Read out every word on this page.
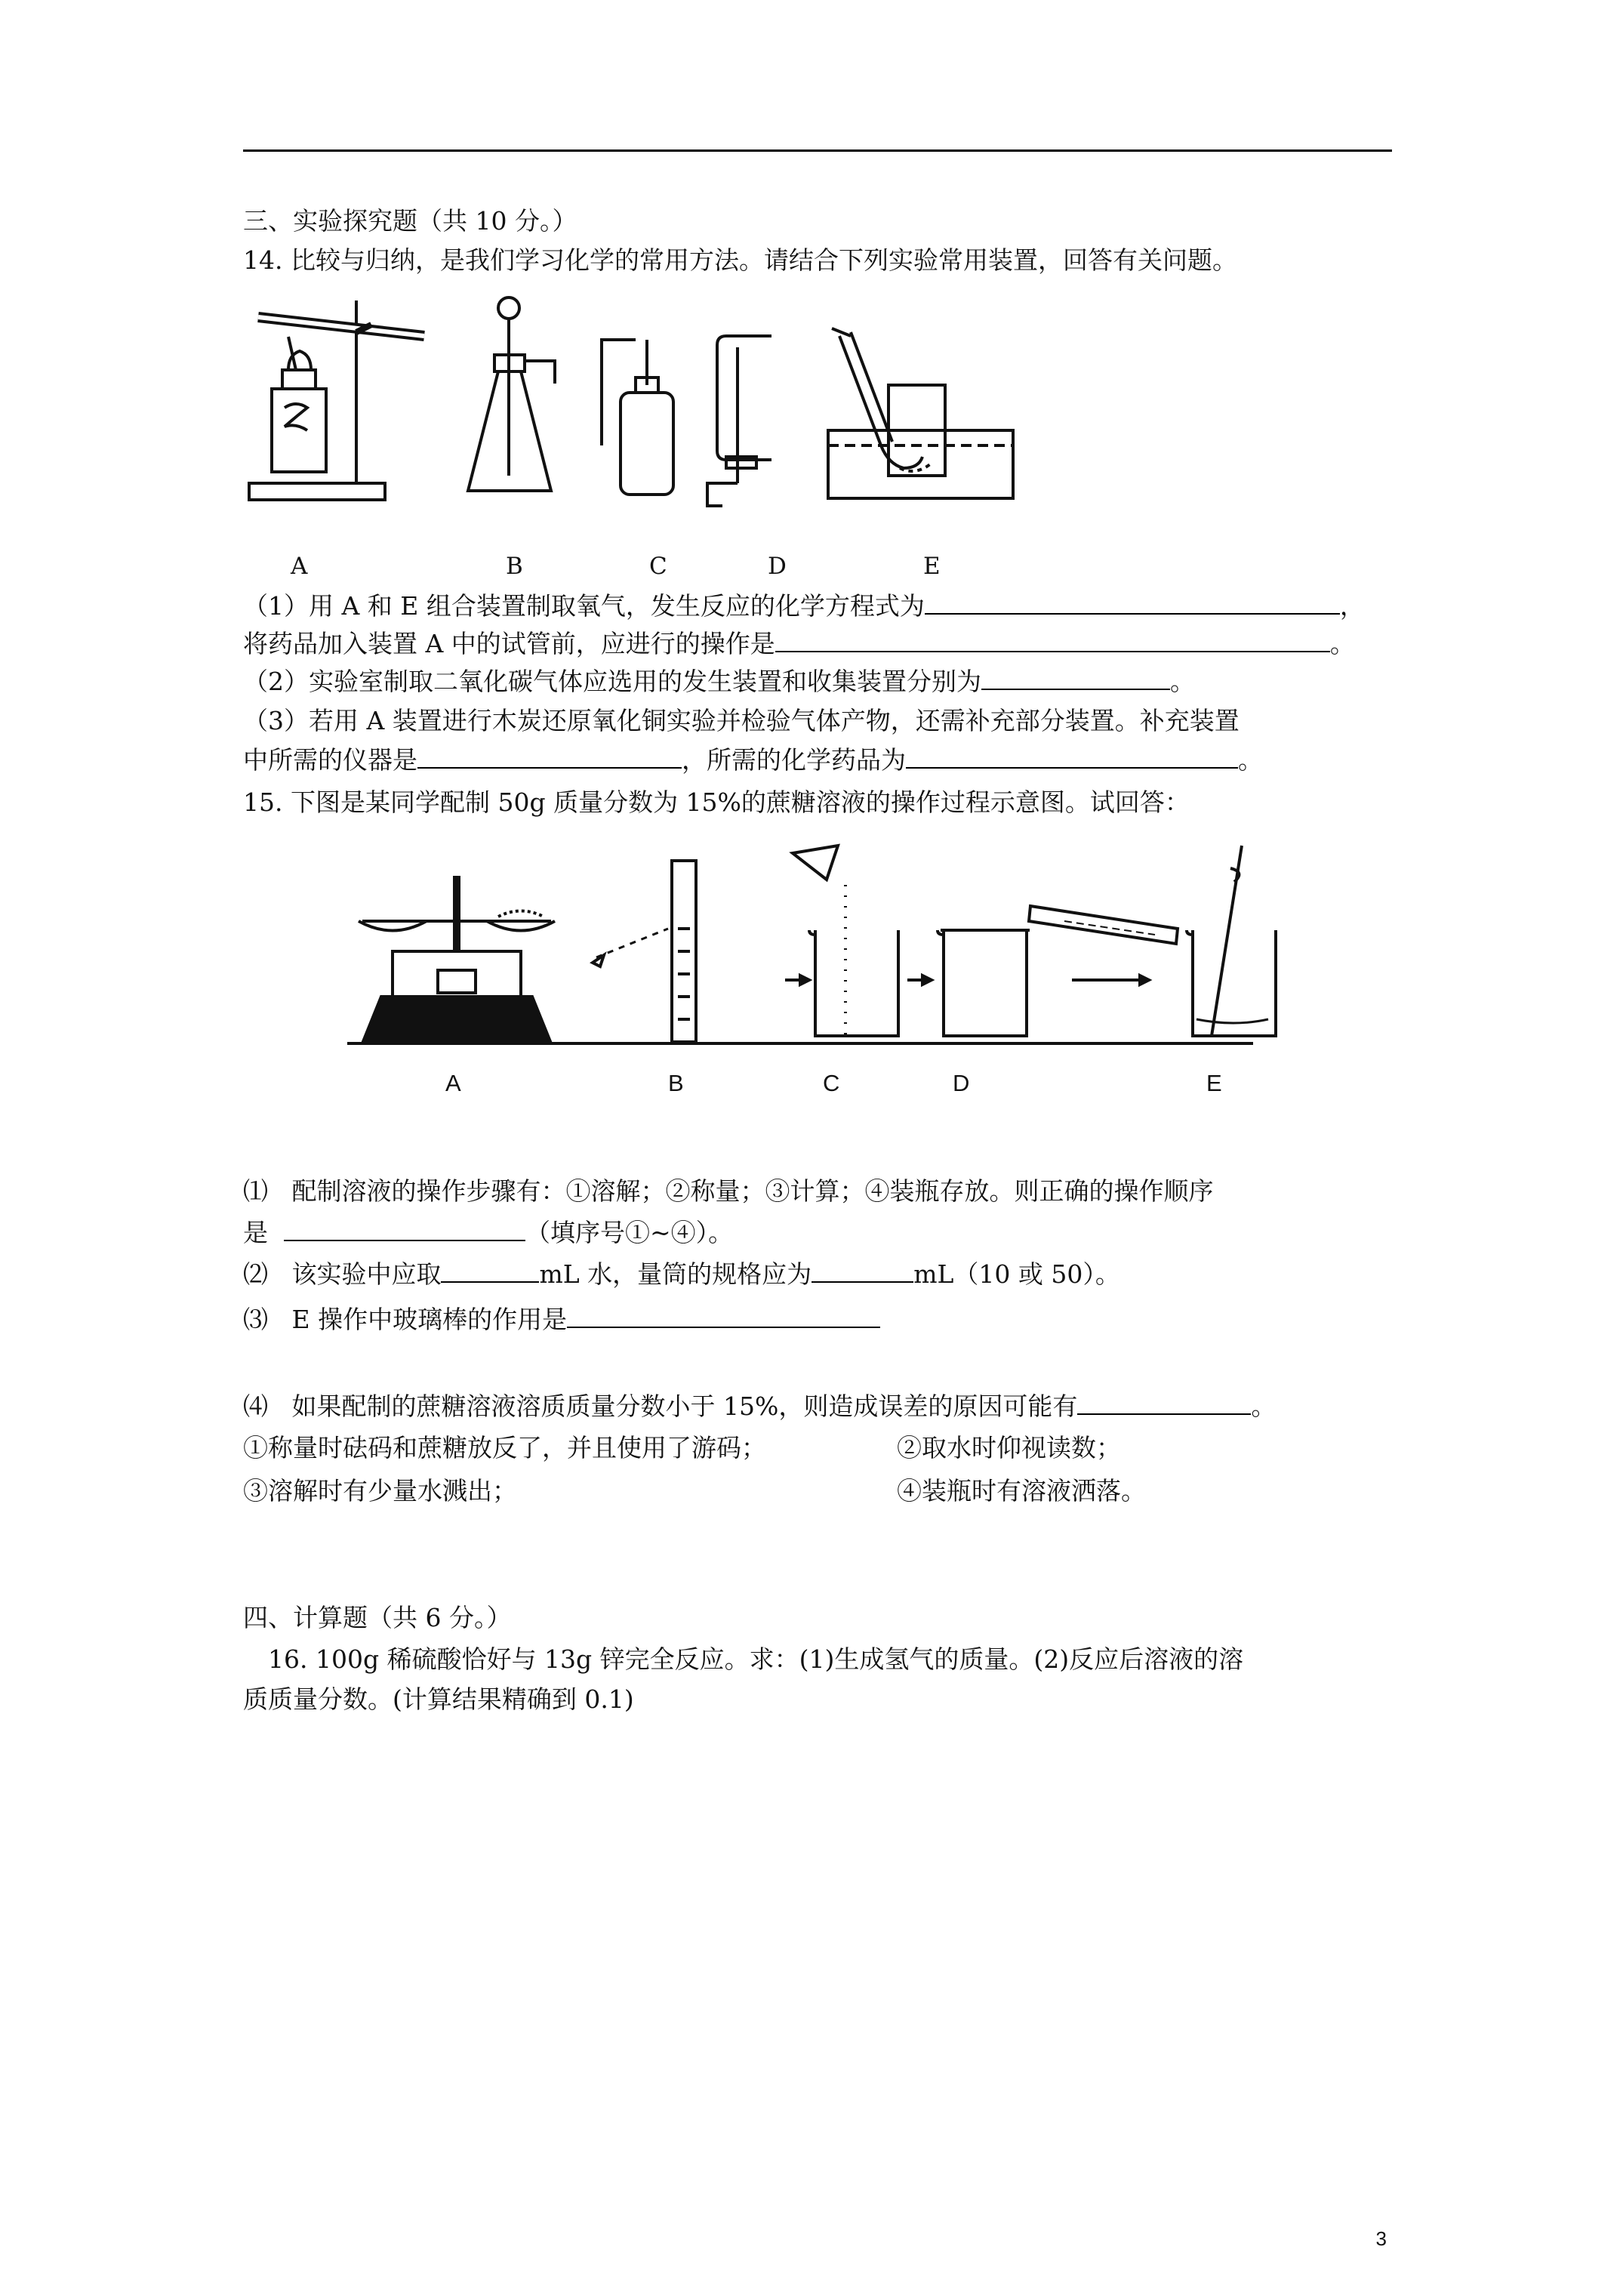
三、实验探究题（共 10 分。）
14. 比较与归纳，是我们学习化学的常用方法。请结合下列实验常用装置，回答有关问题。
A	B	C	D	E
（1）用 A 和 E 组合装置制取氧气，发生反应的化学方程式为	，
将药品加入装置 A 中的试管前，应进行的操作是	。
（2）实验室制取二氧化碳气体应选用的发生装置和收集装置分别为	。
（3）若用 A 装置进行木炭还原氧化铜实验并检验气体产物，还需补充部分装置。补充装置
中所需的仪器是	，所需的化学药品为	。
15. 下图是某同学配制 50g 质量分数为 15%的蔗糖溶液的操作过程示意图。试回答：
A	B	C	D	E
⑴ 配制溶液的操作步骤有：①溶解；②称量；③计算；④装瓶存放。则正确的操作顺序
是	（填序号①~④）。
⑵ 该实验中应取	mL 水，量筒的规格应为	mL（10 或 50）。
⑶ E 操作中玻璃棒的作用是
⑷ 如果配制的蔗糖溶液溶质质量分数小于 15%，则造成误差的原因可能有	。
①称量时砝码和蔗糖放反了，并且使用了游码；	②取水时仰视读数；
③溶解时有少量水溅出；	④装瓶时有溶液洒落。
四、计算题（共 6 分。）
16. 100g 稀硫酸恰好与 13g 锌完全反应。求：(1)生成氢气的质量。(2)反应后溶液的溶
质质量分数。(计算结果精确到 0.1)
3
